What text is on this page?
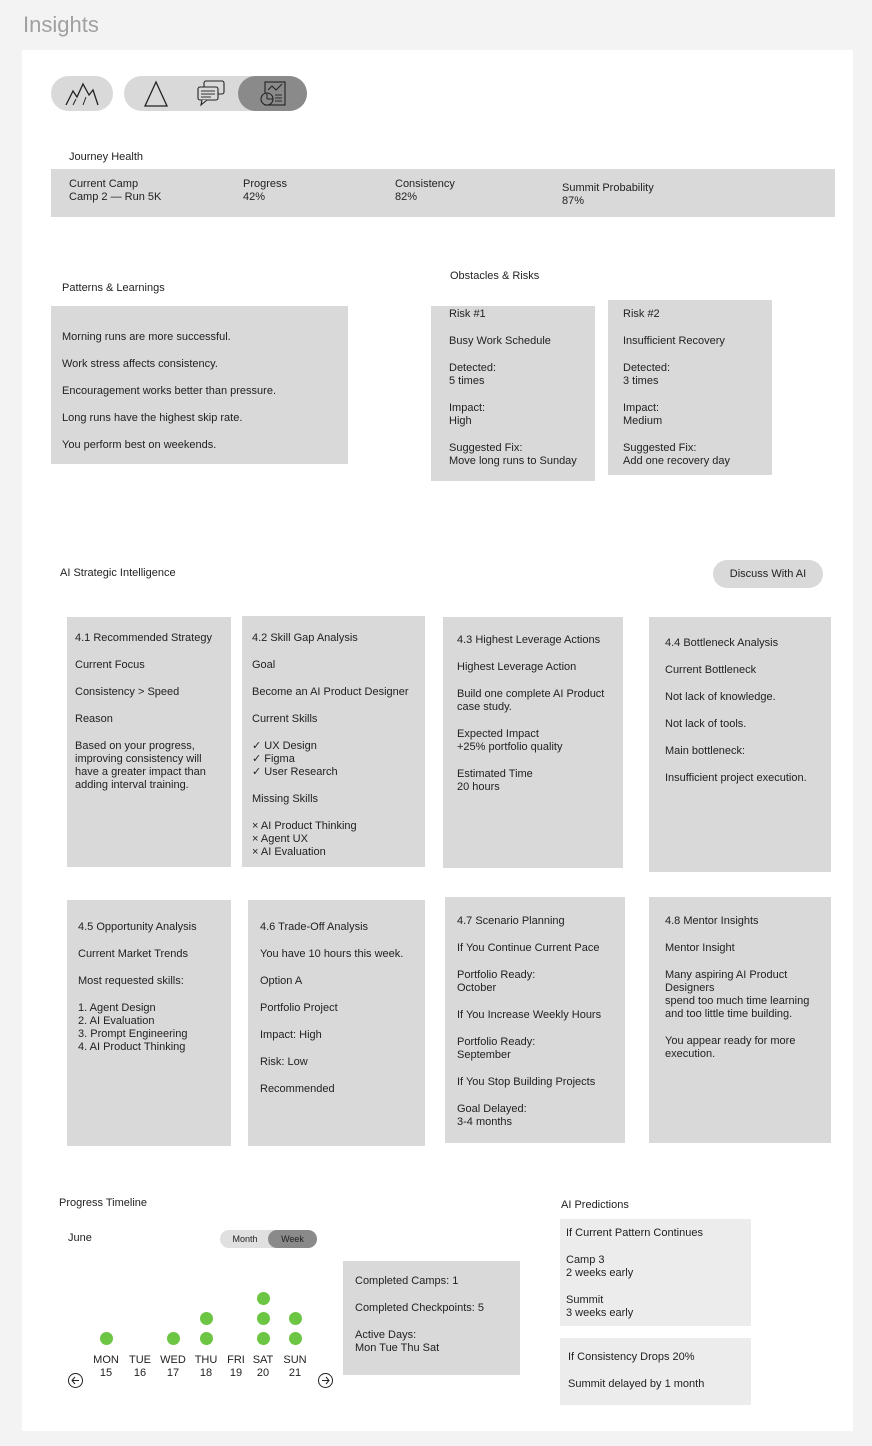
Insights
Journey Health
Current Camp
Camp 2 — Run 5K
Progress
42%
Consistency
82%
Summit Probability
87%
Patterns & Learnings
Morning runs are more successful.
Work stress affects consistency.
Encouragement works better than pressure.
Long runs have the highest skip rate.
You perform best on weekends.
Obstacles & Risks
Risk #1
Busy Work Schedule
Detected:
5 times
Impact:
High
Suggested Fix:
Move long runs to Sunday
Risk #2
Insufficient Recovery
Detected:
3 times
Impact:
Medium
Suggested Fix:
Add one recovery day
AI Strategic Intelligence	Discuss With AI
4.1 Recommended Strategy
Current Focus
Consistency > Speed
Reason
Based on your progress,
improving consistency will
have a greater impact than
adding interval training.
4.2 Skill Gap Analysis
Goal
Become an AI Product Designer
Current Skills
✓ UX Design
✓ Figma
✓ User Research
Missing Skills
× AI Product Thinking
× Agent UX
× AI Evaluation
4.3 Highest Leverage Actions
Highest Leverage Action
Build one complete AI Product
case study.
Expected Impact
+25% portfolio quality
Estimated Time
20 hours
4.4 Bottleneck Analysis
Current Bottleneck
Not lack of knowledge.
Not lack of tools.
Main bottleneck:
Insufficient project execution.
4.5 Opportunity Analysis
Current Market Trends
Most requested skills:
1. Agent Design
2. AI Evaluation
3. Prompt Engineering
4. AI Product Thinking
4.6 Trade-Off Analysis
You have 10 hours this week.
Option A
Portfolio Project
Impact: High
Risk: Low
Recommended
4.7 Scenario Planning
If You Continue Current Pace
Portfolio Ready:
October
If You Increase Weekly Hours
Portfolio Ready:
September
If You Stop Building Projects
Goal Delayed:
3-4 months
4.8 Mentor Insights
Mentor Insight
Many aspiring AI Product
Designers
spend too much time learning
and too little time building.
You appear ready for more
execution.
Progress Timeline
June	Month	Week
MON
15
TUE
16
WED
17
THU
18
FRI
19
SAT
20
SUN
21
Completed Camps: 1
Completed Checkpoints: 5
Active Days:
Mon Tue Thu Sat
AI Predictions
If Current Pattern Continues
Camp 3
2 weeks early
Summit
3 weeks early
If Consistency Drops 20%
Summit delayed by 1 month
